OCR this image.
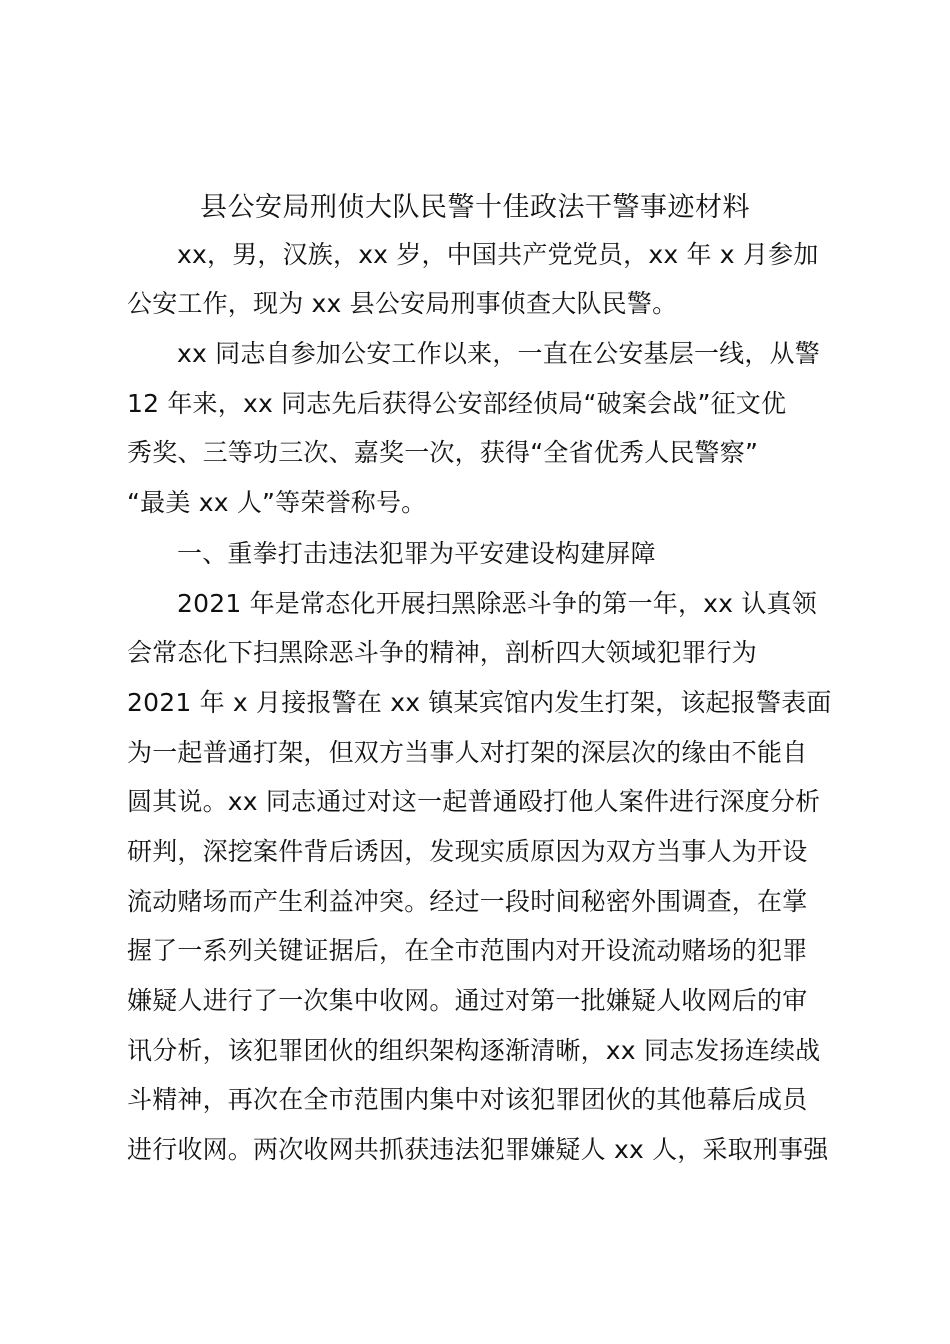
县公安局刑侦大队民警十佳政法干警事迹材料
xx，男，汉族，xx 岁，中国共产党党员，xx 年 x 月参加
公安工作，现为 xx 县公安局刑事侦查大队民警。
xx 同志自参加公安工作以来，一直在公安基层一线，从警
12 年来，xx 同志先后获得公安部经侦局“破案会战”征文优
秀奖、三等功三次、嘉奖一次，获得“全省优秀人民警察”
“最美 xx 人”等荣誉称号。
一、重拳打击违法犯罪为平安建设构建屏障
2021 年是常态化开展扫黑除恶斗争的第一年，xx 认真领
会常态化下扫黑除恶斗争的精神，剖析四大领域犯罪行为
2021 年 x 月接报警在 xx 镇某宾馆内发生打架，该起报警表面
为一起普通打架，但双方当事人对打架的深层次的缘由不能自
圆其说。xx 同志通过对这一起普通殴打他人案件进行深度分析
研判，深挖案件背后诱因，发现实质原因为双方当事人为开设
流动赌场而产生利益冲突。经过一段时间秘密外围调查，在掌
握了一系列关键证据后，在全市范围内对开设流动赌场的犯罪
嫌疑人进行了一次集中收网。通过对第一批嫌疑人收网后的审
讯分析，该犯罪团伙的组织架构逐渐清晰，xx 同志发扬连续战
斗精神，再次在全市范围内集中对该犯罪团伙的其他幕后成员
进行收网。两次收网共抓获违法犯罪嫌疑人 xx 人，采取刑事强
